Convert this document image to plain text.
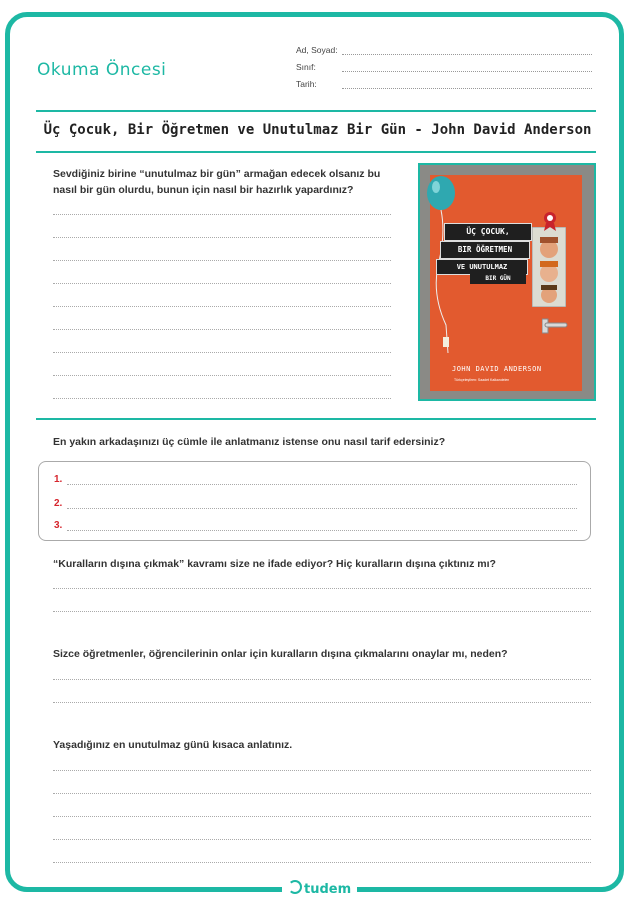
Okuma Öncesi
Ad, Soyad:
Sınıf:
Tarih:
Üç Çocuk, Bir Öğretmen ve Unutulmaz Bir Gün - John David Anderson
Sevdiğiniz birine “unutulmaz bir gün” armağan edecek olsanız bu
nasıl bir gün olurdu, bunun için nasıl bir hazırlık yapardınız?
ÜÇ ÇOCUK,
BIR ÖĞRETMEN
VE UNUTULMAZ
BIR GÜN
JOHN DAVID ANDERSON
Türkçeleştiren: Saadet Kalkandelen
En yakın arkadaşınızı üç cümle ile anlatmanız istense onu nasıl tarif edersiniz?
1.
2.
3.
“Kuralların dışına çıkmak” kavramı size ne ifade ediyor? Hiç kuralların dışına çıktınız mı?
Sizce öğretmenler, öğrencilerinin onlar için kuralların dışına çıkmalarını onaylar mı, neden?
Yaşadığınız en unutulmaz günü kısaca anlatınız.
tudem
